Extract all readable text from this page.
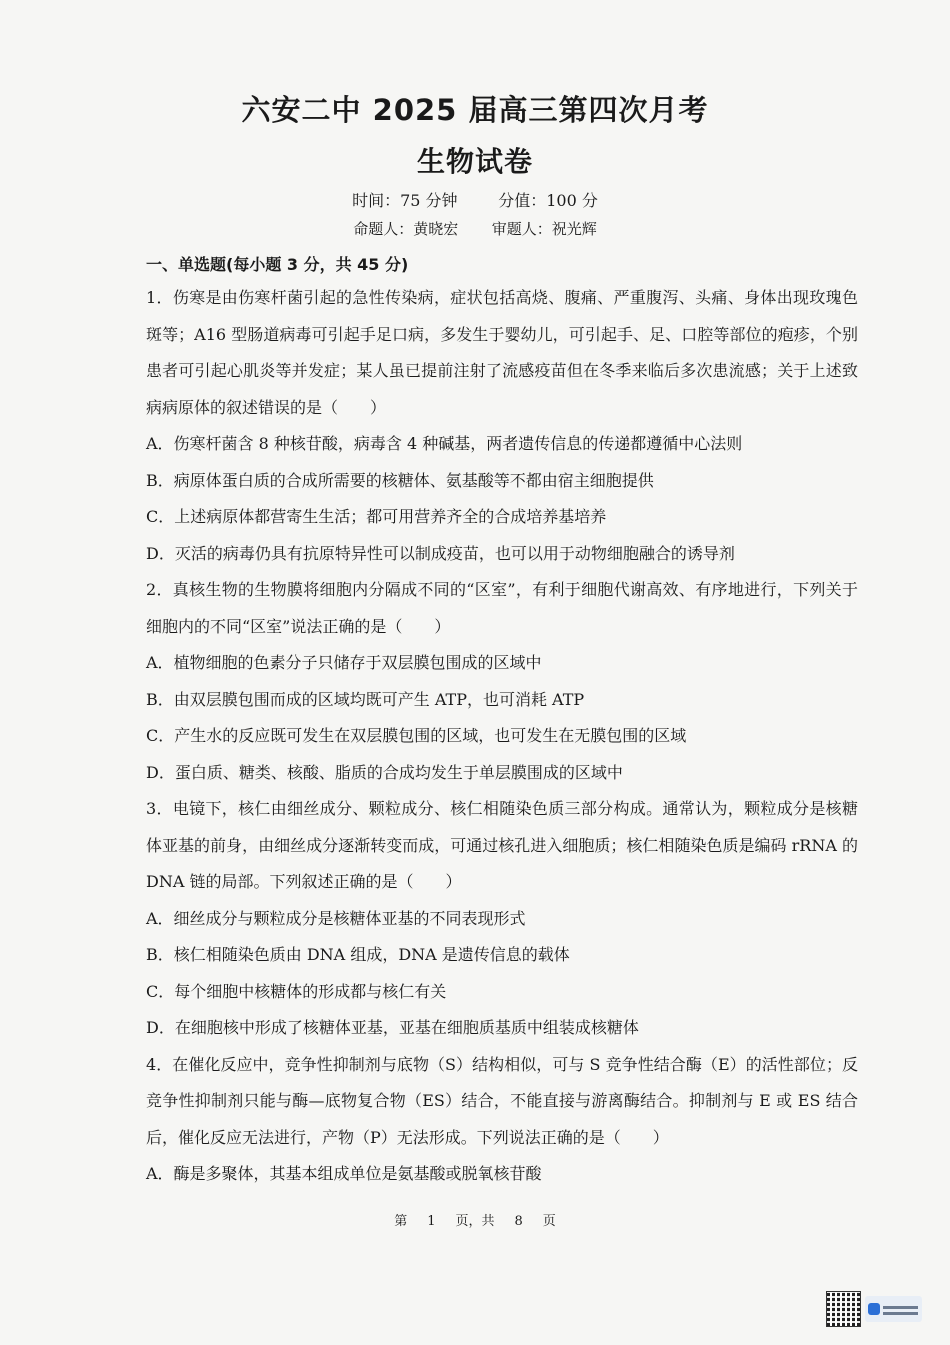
六安二中 2025 届高三第四次月考
生物试卷
时间：75 分钟	分值：100 分
命题人：黄晓宏 审题人：祝光辉
一、单选题(每小题 3 分，共 45 分)

1．伤寒是由伤寒杆菌引起的急性传染病，症状包括高烧、腹痛、严重腹泻、头痛、身体出现玫瑰色斑等；A16 型肠道病毒可引起手足口病，多发生于婴幼儿，可引起手、足、口腔等部位的疱疹，个别患者可引起心肌炎等并发症；某人虽已提前注射了流感疫苗但在冬季来临后多次患流感；关于上述致病病原体的叙述错误的是（　　）

A．伤寒杆菌含 8 种核苷酸，病毒含 4 种碱基，两者遗传信息的传递都遵循中心法则

B．病原体蛋白质的合成所需要的核糖体、氨基酸等不都由宿主细胞提供

C．上述病原体都营寄生生活；都可用营养齐全的合成培养基培养

D．灭活的病毒仍具有抗原特异性可以制成疫苗，也可以用于动物细胞融合的诱导剂

2．真核生物的生物膜将细胞内分隔成不同的“区室”，有利于细胞代谢高效、有序地进行，下列关于细胞内的不同“区室”说法正确的是（　　）

A．植物细胞的色素分子只储存于双层膜包围成的区域中

B．由双层膜包围而成的区域均既可产生 ATP，也可消耗 ATP

C．产生水的反应既可发生在双层膜包围的区域，也可发生在无膜包围的区域

D．蛋白质、糖类、核酸、脂质的合成均发生于单层膜围成的区域中

3．电镜下，核仁由细丝成分、颗粒成分、核仁相随染色质三部分构成。通常认为，颗粒成分是核糖体亚基的前身，由细丝成分逐渐转变而成，可通过核孔进入细胞质；核仁相随染色质是编码 rRNA 的 DNA 链的局部。下列叙述正确的是（　　）

A．细丝成分与颗粒成分是核糖体亚基的不同表现形式

B．核仁相随染色质由 DNA 组成，DNA 是遗传信息的载体

C．每个细胞中核糖体的形成都与核仁有关

D．在细胞核中形成了核糖体亚基，亚基在细胞质基质中组装成核糖体

4．在催化反应中，竞争性抑制剂与底物（S）结构相似，可与 S 竞争性结合酶（E）的活性部位；反竞争性抑制剂只能与酶—底物复合物（ES）结合，不能直接与游离酶结合。抑制剂与 E 或 ES 结合后，催化反应无法进行，产物（P）无法形成。下列说法正确的是（　　）

A．酶是多聚体，其基本组成单位是氨基酸或脱氧核苷酸

第 1 页，共 8 页
